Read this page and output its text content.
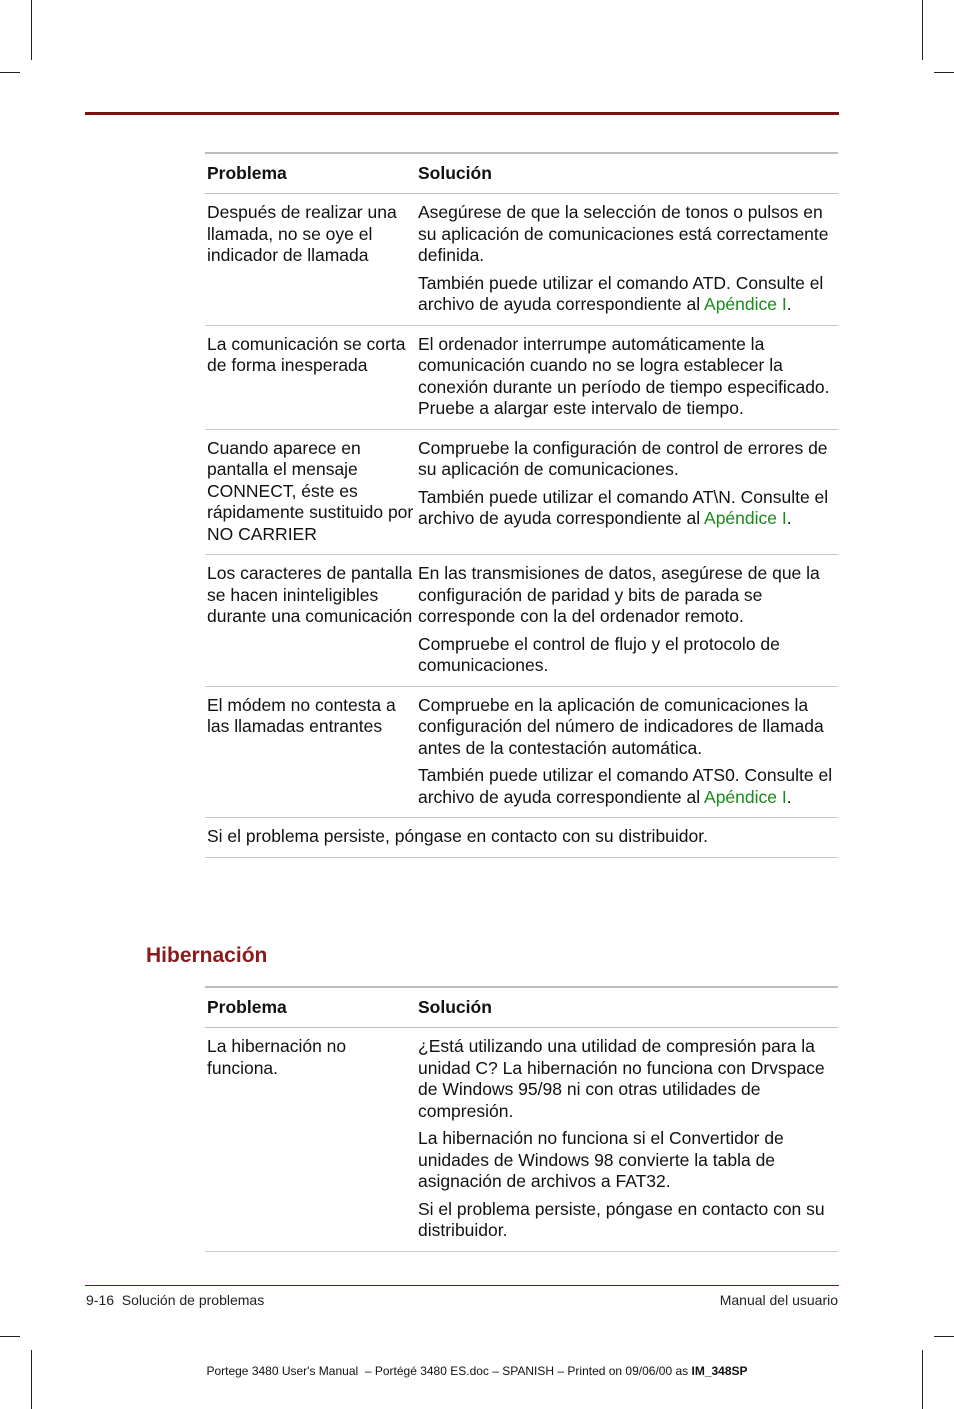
Problema	Solución
Después de realizar una llamada, no se oye el indicador de llamada	Asegúrese de que la selección de tonos o pulsos en su aplicación de comunicaciones está correctamente definida.

También puede utilizar el comando ATD. Consulte el archivo de ayuda correspondiente al Apéndice I.

La comunicación se corta de forma inesperada	El ordenador interrumpe automáticamente la comunicación cuando no se logra establecer la conexión durante un período de tiempo especificado. Pruebe a alargar este intervalo de tiempo.

Cuando aparece en pantalla el mensaje CONNECT, éste es rápidamente sustituido por NO CARRIER	Compruebe la configuración de control de errores de su aplicación de comunicaciones.

También puede utilizar el comando AT\N. Consulte el archivo de ayuda correspondiente al Apéndice I.

Los caracteres de pantalla se hacen ininteligibles durante una comunicación	En las transmisiones de datos, asegúrese de que la configuración de paridad y bits de parada se corresponde con la del ordenador remoto.

Compruebe el control de flujo y el protocolo de comunicaciones.

El módem no contesta a las llamadas entrantes	Compruebe en la aplicación de comunicaciones la configuración del número de indicadores de llamada antes de la contestación automática.

También puede utilizar el comando ATS0. Consulte el archivo de ayuda correspondiente al Apéndice I.

Si el problema persiste, póngase en contacto con su distribuidor.	
Hibernación
Problema	Solución
La hibernación no funciona.	¿Está utilizando una utilidad de compresión para la unidad C? La hibernación no funciona con Drvspace de Windows 95/98 ni con otras utilidades de compresión.

La hibernación no funciona si el Convertidor de unidades de Windows 98 convierte la tabla de asignación de archivos a FAT32.

Si el problema persiste, póngase en contacto con su distribuidor.

9-16  Solución de problemas	Manual del usuario
Portege 3480 User's Manual  – Portégé 3480 ES.doc – SPANISH – Printed on 09/06/00 as IM_348SP
